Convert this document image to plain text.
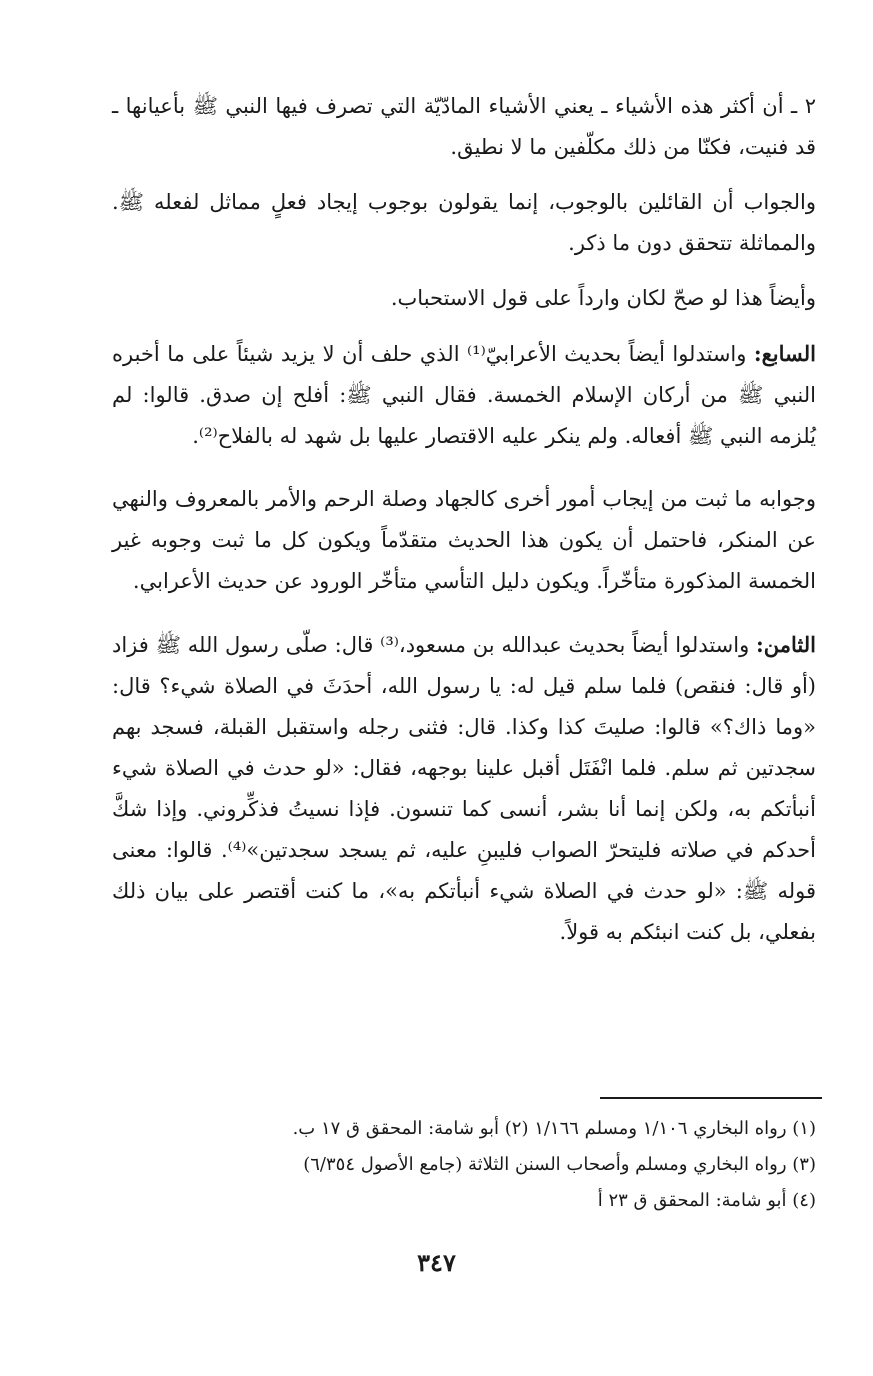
٢ ـ أن أكثر هذه الأشياء ـ يعني الأشياء المادّيّة التي تصرف فيها النبي ﷺ بأعيانها ـ قد فنيت، فكنّا من ذلك مكلّفين ما لا نطيق.

والجواب أن القائلين بالوجوب، إنما يقولون بوجوب إيجاد فعلٍ مماثل لفعله ﷺ. والمماثلة تتحقق دون ما ذكر.

وأيضاً هذا لو صحّ لكان وارداً على قول الاستحباب.

السابع: واستدلوا أيضاً بحديث الأعرابيّ⁽¹⁾ الذي حلف أن لا يزيد شيئاً على ما أخبره النبي ﷺ من أركان الإسلام الخمسة. فقال النبي ﷺ: أفلح إن صدق. قالوا: لم يُلزمه النبي ﷺ أفعاله. ولم ينكر عليه الاقتصار عليها بل شهد له بالفلاح⁽²⁾.

وجوابه ما ثبت من إيجاب أمور أخرى كالجهاد وصلة الرحم والأمر بالمعروف والنهي عن المنكر، فاحتمل أن يكون هذا الحديث متقدّماً ويكون كل ما ثبت وجوبه غير الخمسة المذكورة متأخّراً. ويكون دليل التأسي متأخّر الورود عن حديث الأعرابي.

الثامن: واستدلوا أيضاً بحديث عبدالله بن مسعود،⁽³⁾ قال: صلّى رسول الله ﷺ فزاد (أو قال: فنقص) فلما سلم قيل له: يا رسول الله، أحدَثَ في الصلاة شيء؟ قال: «وما ذاك؟» قالوا: صليتَ كذا وكذا. قال: فثنى رجله واستقبل القبلة، فسجد بهم سجدتين ثم سلم. فلما انْفَتَل أقبل علينا بوجهه، فقال: «لو حدث في الصلاة شيء أنبأتكم به، ولكن إنما أنا بشر، أنسى كما تنسون. فإذا نسيتُ فذكِّروني. وإذا شكَّ أحدكم في صلاته فليتحرّ الصواب فليبنِ عليه، ثم يسجد سجدتين»⁽⁴⁾. قالوا: معنى قوله ﷺ: «لو حدث في الصلاة شيء أنبأتكم به»، ما كنت أقتصر على بيان ذلك بفعلي، بل كنت انبئكم به قولاً.

(١) رواه البخاري ١/١٠٦ ومسلم ١/١٦٦ (٢) أبو شامة: المحقق ق ١٧ ب.

(٣) رواه البخاري ومسلم وأصحاب السنن الثلاثة (جامع الأصول ٦/٣٥٤)

(٤) أبو شامة: المحقق ق ٢٣ أ

٣٤٧
